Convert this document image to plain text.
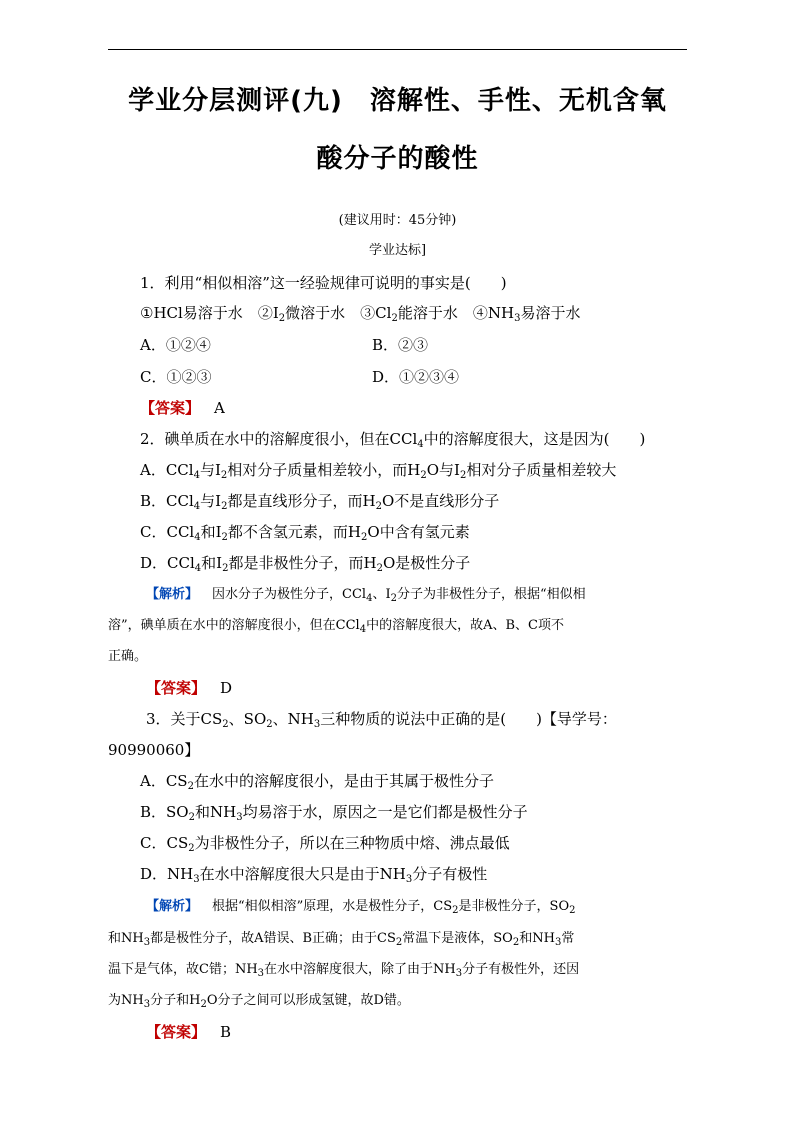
学业分层测评(九)　溶解性、手性、无机含氧
酸分子的酸性
(建议用时：45分钟)
学业达标]
1．利用“相似相溶”这一经验规律可说明的事实是(　　)
①HCl易溶于水　 $②I_2$微溶于水　 $③Cl_2$能溶于水　 $④NH_3$易溶于水
A．①②④	B．②③
C．①②③	D．①②③④
【答案】 A
2．碘单质在水中的溶解度很小，但在CCl$_4$中的溶解度很大，这是因为(　　)
A．CCl$_4$与$I_2$相对分子质量相差较小，而$H_2O$与$I_2$相对分子质量相差较大
B．CCl$_4$与$I_2$都是直线形分子，而$H_2O$不是直线形分子
C．CCl$_4$和$I_2$都不含氢元素，而$H_2O$中含有氢元素
D．CCl$_4$和$I_2$都是非极性分子，而$H_2O$是极性分子
【解析】 因水分子为极性分子，CCl$_4$、$I_2$分子为非极性分子，根据“相似相
溶”，碘单质在水中的溶解度很小，但在CCl$_4$中的溶解度很大，故A、B、C项不
正确。
【答案】 D
3．关于$CS_2$、$SO_2$、$NH_3$三种物质的说法中正确的是(　　)【导学号：
90990060】
A．$CS_2$在水中的溶解度很小，是由于其属于极性分子
B．$SO_2$和$NH_3$均易溶于水，原因之一是它们都是极性分子
C．$CS_2$为非极性分子，所以在三种物质中熔、沸点最低
D．$NH_3$在水中溶解度很大只是由于$NH_3$分子有极性
【解析】 根据“相似相溶”原理，水是极性分子，$CS_2$是非极性分子，$SO_2$
和$NH_3$都是极性分子，故A错误、B正确；由于$CS_2$常温下是液体，$SO_2$和$NH_3$常
温下是气体，故C错；$NH_3$在水中溶解度很大，除了由于$NH_3$分子有极性外，还因
为$NH_3$分子和$H_2O$分子之间可以形成氢键，故D错。
【答案】 B
